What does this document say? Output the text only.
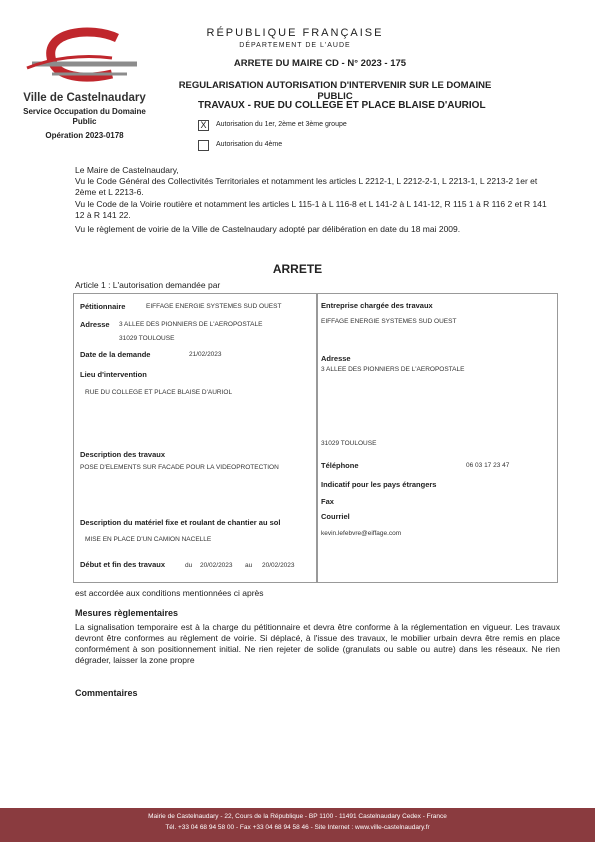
Ville de Castelnaudary
Service Occupation du Domaine Public
Opération 2023-0178
RÉPUBLIQUE FRANÇAISE
DÉPARTEMENT DE L'AUDE
ARRETE DU MAIRE CD - N° 2023 - 175
REGULARISATION AUTORISATION D'INTERVENIR SUR LE DOMAINE PUBLIC
TRAVAUX - RUE DU COLLEGE ET PLACE BLAISE D'AURIOL
X	Autorisation du 1er, 2ème et 3ème groupe
Autorisation du 4ème
Le Maire de Castelnaudary,
Vu le Code Général des Collectivités Territoriales et notamment les articles L 2212-1, L 2212-2-1, L 2213-1, L 2213-2 1er et 2ème et L 2213-6.
Vu le Code de la Voirie routière et notamment les articles L 115-1 à L 116-8 et L 141-2 à L 141-12, R 115 1 à R 116 2 et R 141 12 à R 141 22.
Vu le règlement de voirie de la Ville de Castelnaudary adopté par délibération en date du 18 mai 2009.
ARRETE
Article 1 : L'autorisation demandée par
Pétitionnaire	EIFFAGE ENERGIE SYSTEMES SUD OUEST
Adresse 3 ALLEE DES PIONNIERS DE L'AEROPOSTALE
31029 TOULOUSE
Date de la demande	21/02/2023
Lieu d'intervention
RUE DU COLLEGE ET PLACE BLAISE D'AURIOL
Description des travaux
POSE D'ELEMENTS SUR FACADE POUR LA VIDEOPROTECTION
Description du matériel fixe et roulant de chantier au sol
MISE EN PLACE D'UN CAMION NACELLE
Début et fin des travaux	du 20/02/2023 au 20/02/2023
Entreprise chargée des travaux
EIFFAGE ENERGIE SYSTEMES SUD OUEST
Adresse
3 ALLEE DES PIONNIERS DE L'AEROPOSTALE
31029 TOULOUSE
Téléphone	06 03 17 23 47
Indicatif pour les pays étrangers
Fax
Courriel
kevin.lefebvre@eiffage.com
est accordée aux conditions mentionnées ci après
Mesures règlementaires
La signalisation temporaire est à la charge du pétitionnaire et devra être conforme à la réglementation en vigueur. Les travaux devront être conformes au règlement de voirie. Si déplacé, à l'issue des travaux, le mobilier urbain devra être remis en place conformément à son positionnement initial. Ne rien rejeter de solide (granulats ou sable ou autre) dans les réseaux. Ne rien dégrader, laisser la zone propre
Commentaires
Mairie de Castelnaudary - 22, Cours de la République - BP 1100 - 11491 Castelnaudary Cedex - France
Tél. +33 04 68 94 58 00 - Fax +33 04 68 94 58 46 - Site Internet : www.ville-castelnaudary.fr
